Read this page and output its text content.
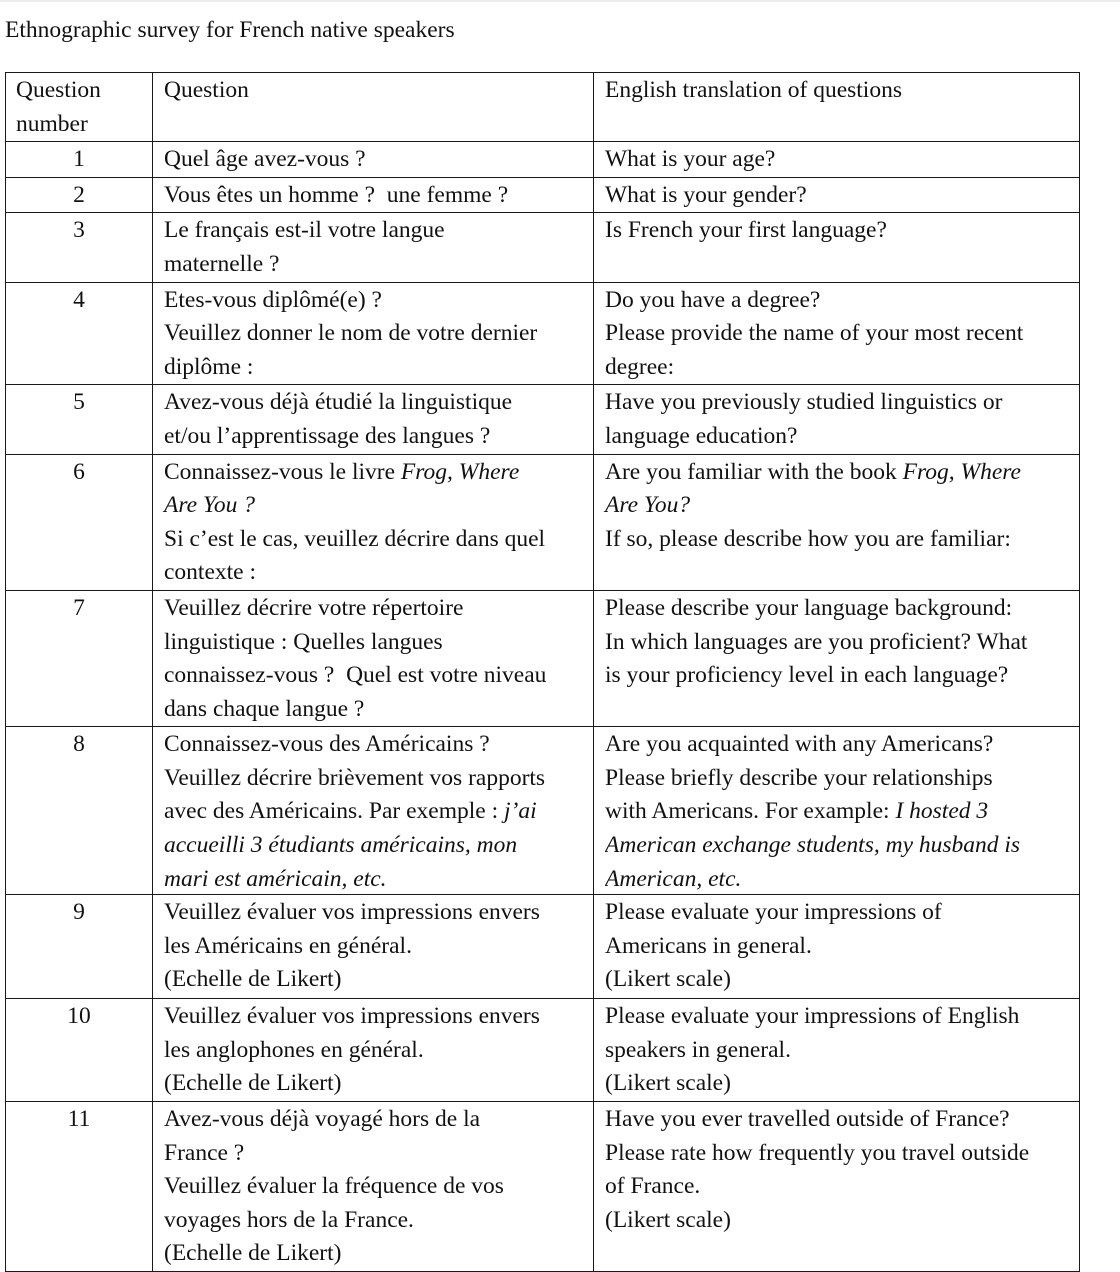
Ethnographic survey for French native speakers
Question
number	Question	English translation of questions

1	Quel âge avez-vous ?	What is your age?

2	Vous êtes un homme ?  une femme ?	What is your gender?

3	Le français est-il votre langue
maternelle ?	Is French your first language?

4	Etes-vous diplômé(e) ?
Veuillez donner le nom de votre dernier
diplôme :	Do you have a degree?
Please provide the name of your most recent
degree:

5	Avez-vous déjà étudié la linguistique
et/ou l’apprentissage des langues ?	Have you previously studied linguistics or
language education?

6	Connaissez-vous le livre Frog, Where
Are You ?
Si c’est le cas, veuillez décrire dans quel
contexte :	Are you familiar with the book Frog, Where
Are You?
If so, please describe how you are familiar:

7	Veuillez décrire votre répertoire
linguistique : Quelles langues
connaissez-vous ?  Quel est votre niveau
dans chaque langue ?	Please describe your language background:
In which languages are you proficient? What
is your proficiency level in each language?

8	Connaissez-vous des Américains ?
Veuillez décrire brièvement vos rapports
avec des Américains. Par exemple : j’ai
accueilli 3 étudiants américains, mon
mari est américain, etc.	Are you acquainted with any Americans?
Please briefly describe your relationships
with Americans. For example: I hosted 3
American exchange students, my husband is
American, etc.

9	Veuillez évaluer vos impressions envers
les Américains en général.
(Echelle de Likert)	Please evaluate your impressions of
Americans in general.
(Likert scale)

10	Veuillez évaluer vos impressions envers
les anglophones en général.
(Echelle de Likert)	Please evaluate your impressions of English
speakers in general.
(Likert scale)

11	Avez-vous déjà voyagé hors de la
France ?
Veuillez évaluer la fréquence de vos
voyages hors de la France.
(Echelle de Likert)	Have you ever travelled outside of France?
Please rate how frequently you travel outside
of France.
(Likert scale)
